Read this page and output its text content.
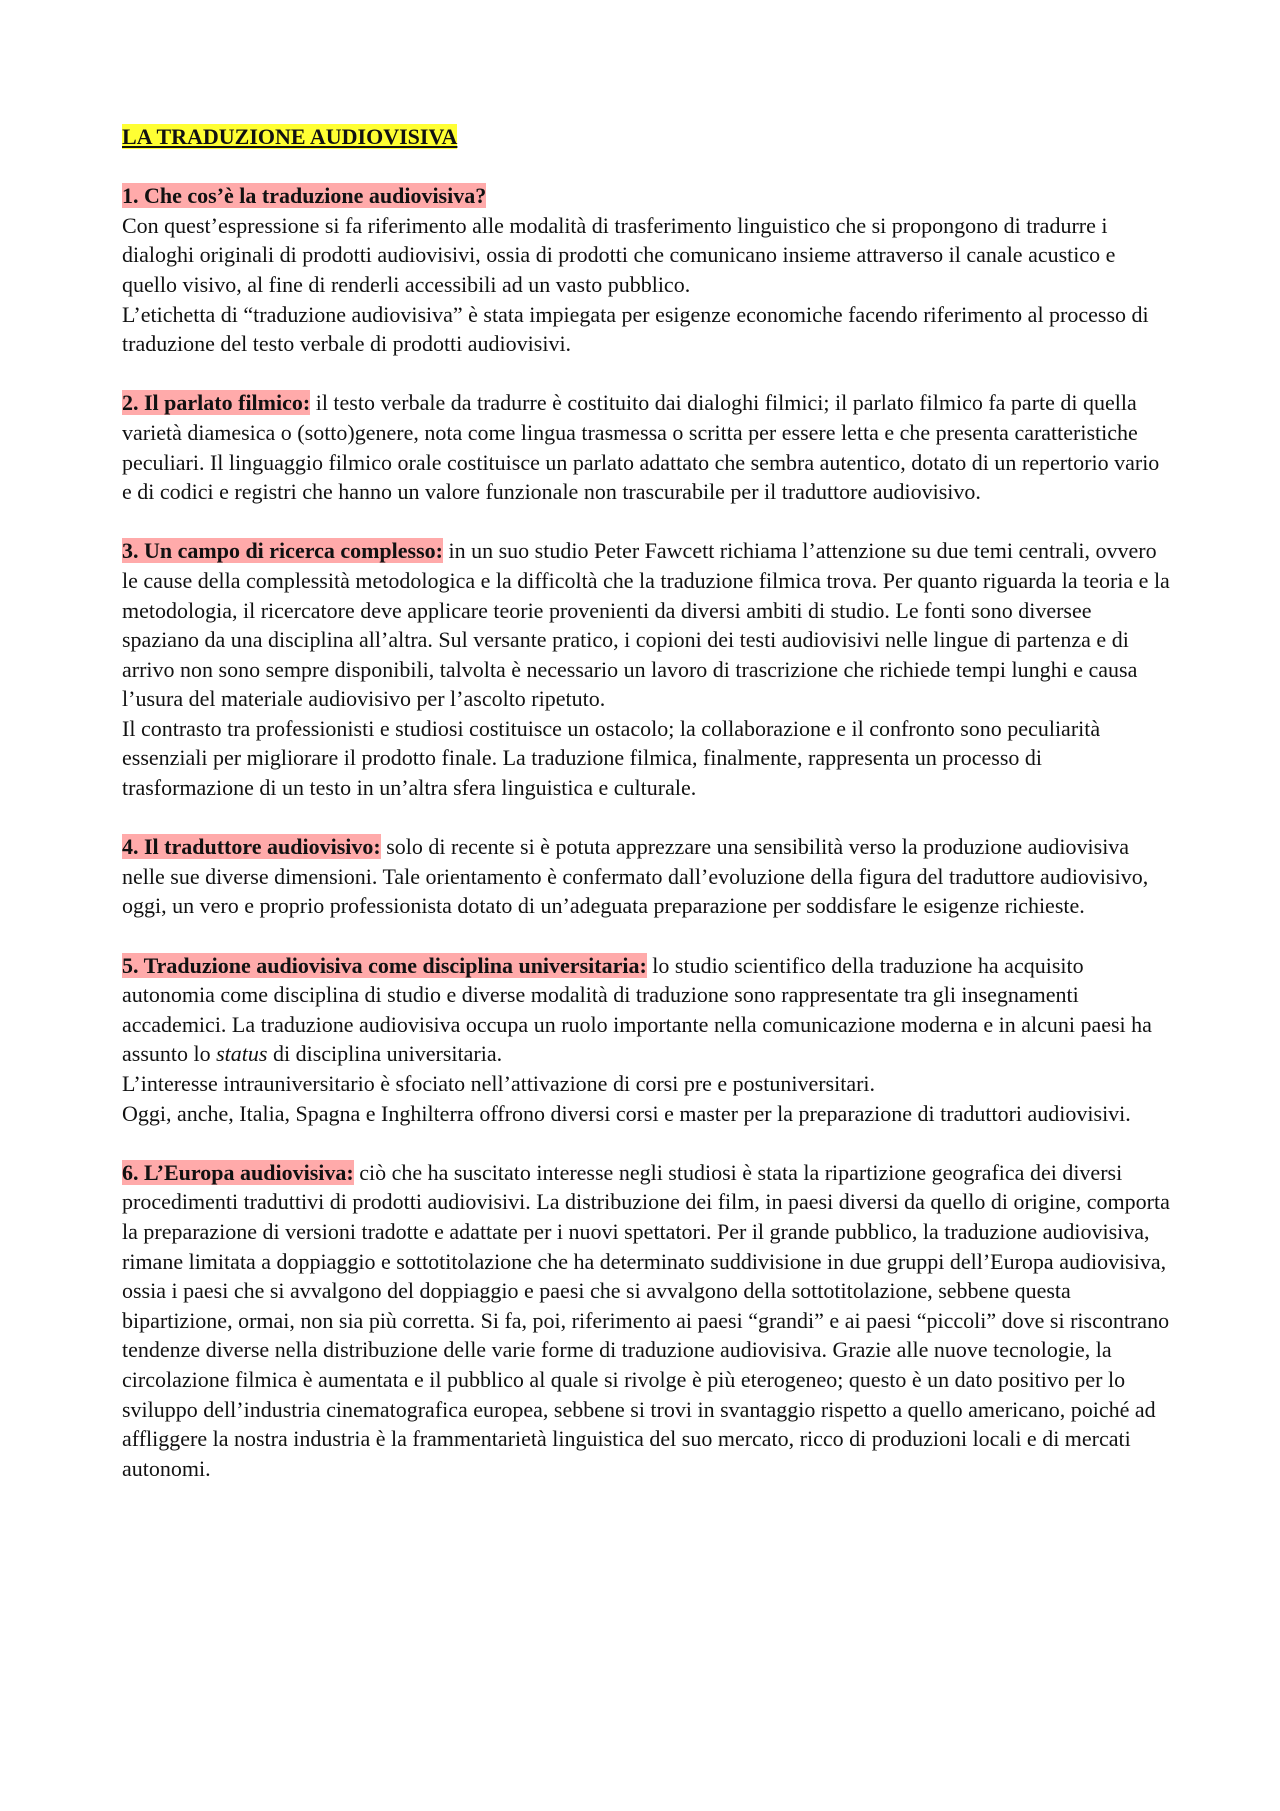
LA TRADUZIONE AUDIOVISIVA

1. Che cos’è la traduzione audiovisiva?

Con quest’espressione si fa riferimento alle modalità di trasferimento linguistico che si propongono di tradurre i dialoghi originali di prodotti audiovisivi, ossia di prodotti che comunicano insieme attraverso il canale acustico e quello visivo, al fine di renderli accessibili ad un vasto pubblico.

L’etichetta di “traduzione audiovisiva” è stata impiegata per esigenze economiche facendo riferimento al processo di traduzione del testo verbale di prodotti audiovisivi.

2. Il parlato filmico: il testo verbale da tradurre è costituito dai dialoghi filmici; il parlato filmico fa parte di quella varietà diamesica o (sotto)genere, nota come lingua trasmessa o scritta per essere letta e che presenta caratteristiche peculiari. Il linguaggio filmico orale costituisce un parlato adattato che sembra autentico, dotato di un repertorio vario e di codici e registri che hanno un valore funzionale non trascurabile per il traduttore audiovisivo.

3. Un campo di ricerca complesso: in un suo studio Peter Fawcett richiama l’attenzione su due temi centrali, ovvero le cause della complessità metodologica e la difficoltà che la traduzione filmica trova. Per quanto riguarda la teoria e la metodologia, il ricercatore deve applicare teorie provenienti da diversi ambiti di studio. Le fonti sono diversee spaziano da una disciplina all’altra. Sul versante pratico, i copioni dei testi audiovisivi nelle lingue di partenza e di arrivo non sono sempre disponibili, talvolta è necessario un lavoro di trascrizione che richiede tempi lunghi e causa l’usura del materiale audiovisivo per l’ascolto ripetuto.

Il contrasto tra professionisti e studiosi costituisce un ostacolo; la collaborazione e il confronto sono peculiarità essenziali per migliorare il prodotto finale. La traduzione filmica, finalmente, rappresenta un processo di trasformazione di un testo in un’altra sfera linguistica e culturale.

4. Il traduttore audiovisivo: solo di recente si è potuta apprezzare una sensibilità verso la produzione audiovisiva nelle sue diverse dimensioni. Tale orientamento è confermato dall’evoluzione della figura del traduttore audiovisivo, oggi, un vero e proprio professionista dotato di un’adeguata preparazione per soddisfare le esigenze richieste.

5. Traduzione audiovisiva come disciplina universitaria: lo studio scientifico della traduzione ha acquisito autonomia come disciplina di studio e diverse modalità di traduzione sono rappresentate tra gli insegnamenti accademici. La traduzione audiovisiva occupa un ruolo importante nella comunicazione moderna e in alcuni paesi ha assunto lo status di disciplina universitaria.

L’interesse intrauniversitario è sfociato nell’attivazione di corsi pre e postuniversitari.

Oggi, anche, Italia, Spagna e Inghilterra offrono diversi corsi e master per la preparazione di traduttori audiovisivi.

6. L’Europa audiovisiva: ciò che ha suscitato interesse negli studiosi è stata la ripartizione geografica dei diversi procedimenti traduttivi di prodotti audiovisivi. La distribuzione dei film, in paesi diversi da quello di origine, comporta la preparazione di versioni tradotte e adattate per i nuovi spettatori. Per il grande pubblico, la traduzione audiovisiva, rimane limitata a doppiaggio e sottotitolazione che ha determinato suddivisione in due gruppi dell’Europa audiovisiva, ossia i paesi che si avvalgono del doppiaggio e paesi che si avvalgono della sottotitolazione, sebbene questa bipartizione, ormai, non sia più corretta. Si fa, poi, riferimento ai paesi “grandi” e ai paesi “piccoli” dove si riscontrano tendenze diverse nella distribuzione delle varie forme di traduzione audiovisiva. Grazie alle nuove tecnologie, la circolazione filmica è aumentata e il pubblico al quale si rivolge è più eterogeneo; questo è un dato positivo per lo sviluppo dell’industria cinematografica europea, sebbene si trovi in svantaggio rispetto a quello americano, poiché ad affliggere la nostra industria è la frammentarietà linguistica del suo mercato, ricco di produzioni locali e di mercati autonomi.
